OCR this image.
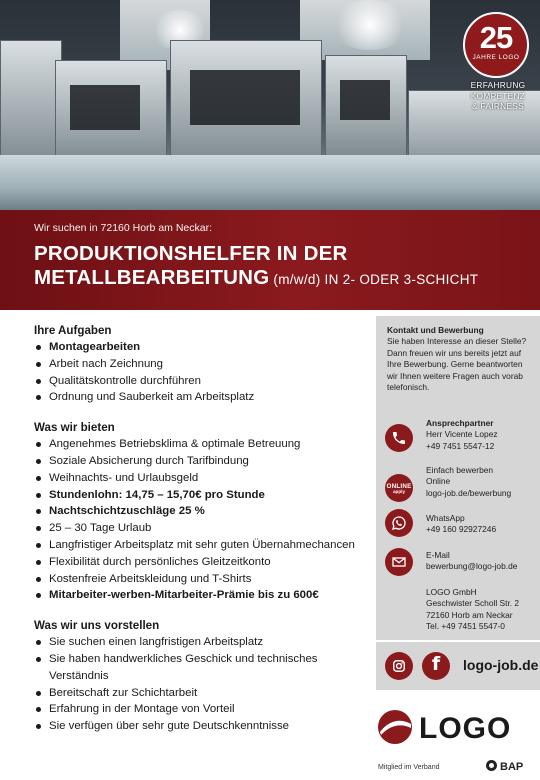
25
JAHRE LOGO
ERFAHRUNG
KOMPETENZ
& FAIRNESS
Wir suchen in 72160 Horb am Neckar:
PRODUKTIONSHELFER IN DER
METALLBEARBEITUNG (m/w/d) IN 2- ODER 3-SCHICHT
Ihre Aufgaben
Montagearbeiten
Arbeit nach Zeichnung
Qualitätskontrolle durchführen
Ordnung und Sauberkeit am Arbeitsplatz
Was wir bieten
Angenehmes Betriebsklima & optimale Betreuung
Soziale Absicherung durch Tarifbindung
Weihnachts- und Urlaubsgeld
Stundenlohn: 14,75 – 15,70€ pro Stunde
Nachtschichtzuschläge 25 %
25 – 30 Tage Urlaub
Langfristiger Arbeitsplatz mit sehr guten Übernahmechancen
Flexibilität durch persönliches Gleitzeitkonto
Kostenfreie Arbeitskleidung und T-Shirts
Mitarbeiter-werben-Mitarbeiter-Prämie bis zu 600€
Was wir uns vorstellen
Sie suchen einen langfristigen Arbeitsplatz
Sie haben handwerkliches Geschick und technisches Verständnis
Bereitschaft zur Schichtarbeit
Erfahrung in der Montage von Vorteil
Sie verfügen über sehr gute Deutschkenntnisse
Kontakt und Bewerbung
Sie haben Interesse an dieser Stelle? Dann freuen wir uns bereits jetzt auf Ihre Bewerbung. Gerne beantworten wir Ihnen weitere Fragen auch vorab telefonisch.
Ansprechpartner
Herr Vicente Lopez
+49 7451 5547-12
ONLINE
apply
Einfach bewerben
Online
logo-job.de/bewerbung
WhatsApp
+49 160 92927246
E-Mail
bewerbung@logo-job.de
LOGO GmbH
Geschwister Scholl Str. 2
72160 Horb am Neckar
Tel. +49 7451 5547-0
f	logo-job.de
LOGO
Mitglied im Verband	BAP
